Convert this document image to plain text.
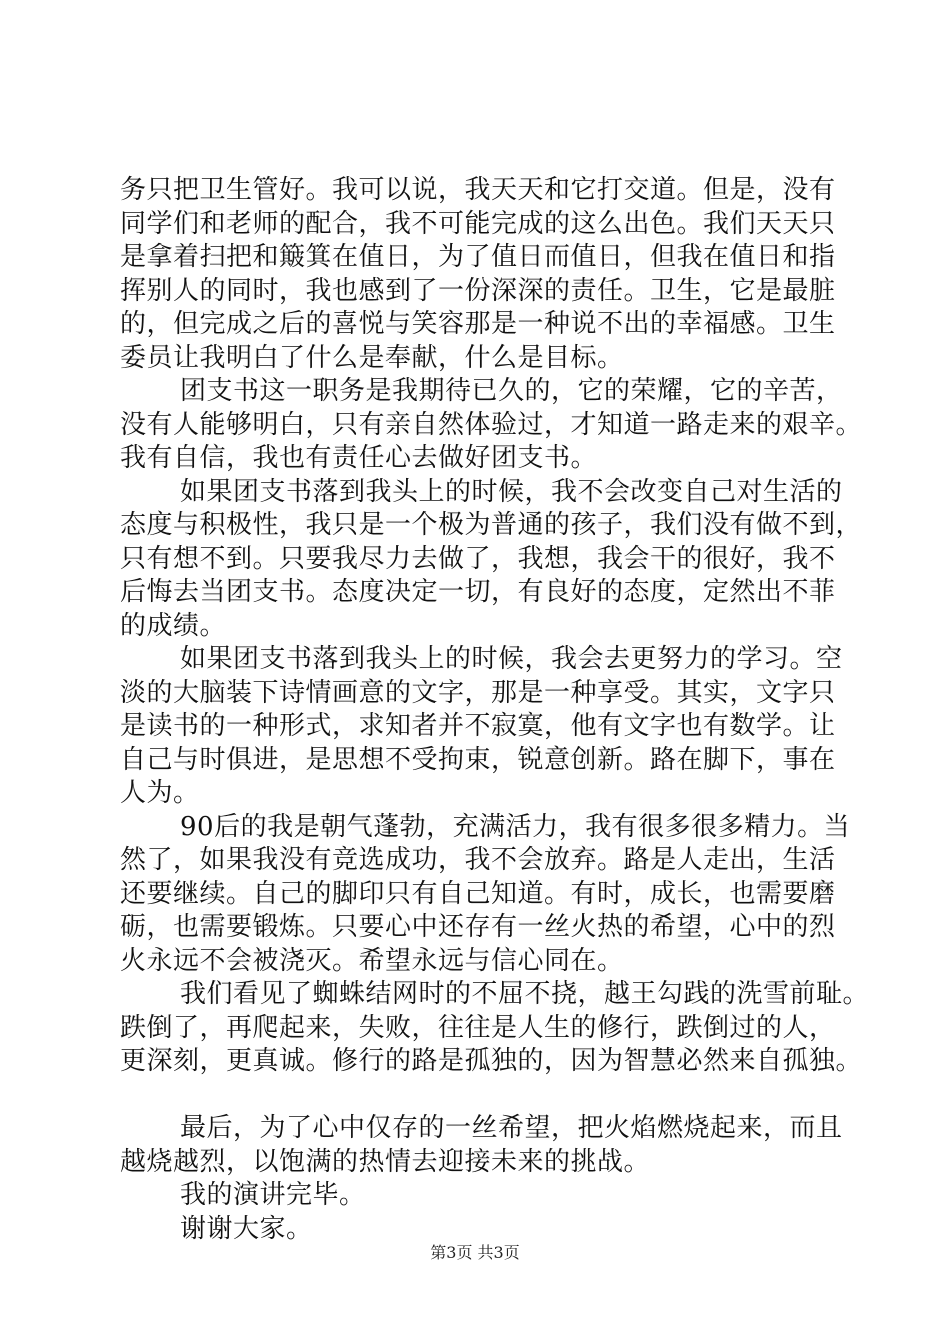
务只把卫生管好。我可以说，我天天和它打交道。但是，没有
同学们和老师的配合，我不可能完成的这么出色。我们天天只
是拿着扫把和簸箕在值日，为了值日而值日，但我在值日和指
挥别人的同时，我也感到了一份深深的责任。卫生，它是最脏
的，但完成之后的喜悦与笑容那是一种说不出的幸福感。卫生
委员让我明白了什么是奉献，什么是目标。
团支书这一职务是我期待已久的，它的荣耀，它的辛苦，
没有人能够明白，只有亲自然体验过，才知道一路走来的艰辛。
我有自信，我也有责任心去做好团支书。
如果团支书落到我头上的时候，我不会改变自己对生活的
态度与积极性，我只是一个极为普通的孩子，我们没有做不到，
只有想不到。只要我尽力去做了，我想，我会干的很好，我不
后悔去当团支书。态度决定一切，有良好的态度，定然出不菲
的成绩。
如果团支书落到我头上的时候，我会去更努力的学习。空
淡的大脑装下诗情画意的文字，那是一种享受。其实，文字只
是读书的一种形式，求知者并不寂寞，他有文字也有数学。让
自己与时俱进，是思想不受拘束，锐意创新。路在脚下，事在
人为。
90后的我是朝气蓬勃，充满活力，我有很多很多精力。当
然了，如果我没有竞选成功，我不会放弃。路是人走出，生活
还要继续。自己的脚印只有自己知道。有时，成长，也需要磨
砺，也需要锻炼。只要心中还存有一丝火热的希望，心中的烈
火永远不会被浇灭。希望永远与信心同在。
我们看见了蜘蛛结网时的不屈不挠，越王勾践的洗雪前耻。
跌倒了，再爬起来，失败，往往是人生的修行，跌倒过的人，
更深刻，更真诚。修行的路是孤独的，因为智慧必然来自孤独。
最后，为了心中仅存的一丝希望，把火焰燃烧起来，而且
越烧越烈，以饱满的热情去迎接未来的挑战。
我的演讲完毕。
谢谢大家。
第3页 共3页
